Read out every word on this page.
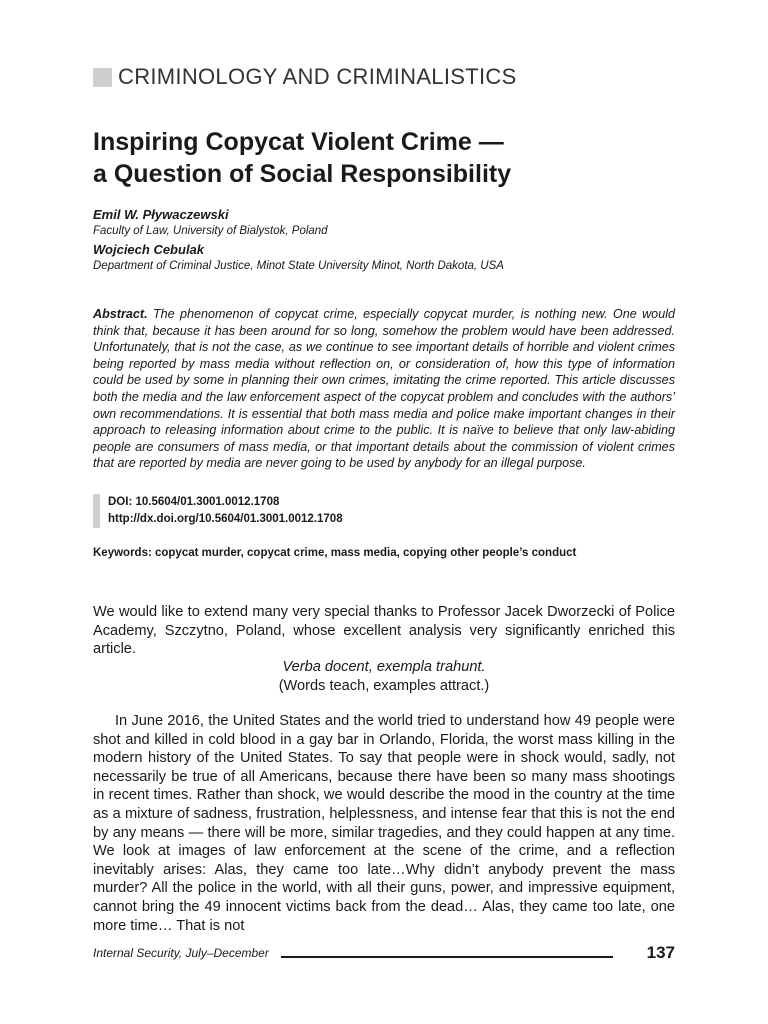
CRIMINOLOGY AND CRIMINALISTICS
Inspiring Copycat Violent Crime —
a Question of Social Responsibility
Emil W. Pływaczewski
Faculty of Law, University of Bialystok, Poland
Wojciech Cebulak
Department of Criminal Justice, Minot State University Minot, North Dakota, USA

Abstract. The phenomenon of copycat crime, especially copycat murder, is nothing new. One would think that, because it has been around for so long, somehow the problem would have been addressed. Unfortunately, that is not the case, as we continue to see important details of horrible and violent crimes being reported by mass media without reflection on, or consideration of, how this type of information could be used by some in planning their own crimes, imitating the crime reported. This article discusses both the media and the law enforcement aspect of the copycat problem and concludes with the authors’ own recommendations. It is essential that both mass media and police make important changes in their approach to releasing information about crime to the public. It is naïve to believe that only law-abiding people are consumers of mass media, or that important details about the commission of violent crimes that are reported by media are never going to be used by anybody for an illegal purpose.

DOI: 10.5604/01.3001.0012.1708
http://dx.doi.org/10.5604/01.3001.0012.1708
Keywords: copycat murder, copycat crime, mass media, copying other people’s conduct

We would like to extend many very special thanks to Professor Jacek Dworzecki of Police Academy, Szczytno, Poland, whose excellent analysis very significantly enriched this article.

Verba docent, exempla trahunt.
(Words teach, examples attract.)

In June 2016, the United States and the world tried to understand how 49 people were shot and killed in cold blood in a gay bar in Orlando, Florida, the worst mass killing in the modern history of the United States. To say that people were in shock would, sadly, not necessarily be true of all Americans, because there have been so many mass shootings in recent times. Rather than shock, we would describe the mood in the country at the time as a mixture of sadness, frustration, helplessness, and intense fear that this is not the end by any means — there will be more, similar tragedies, and they could happen at any time. We look at images of law enforcement at the scene of the crime, and a reflection inevitably arises: Alas, they came too late…Why didn’t anybody prevent the mass murder? All the police in the world, with all their guns, power, and impressive equipment, cannot bring the 49 innocent victims back from the dead… Alas, they came too late, one more time… That is not

Internal Security, July–December	137
